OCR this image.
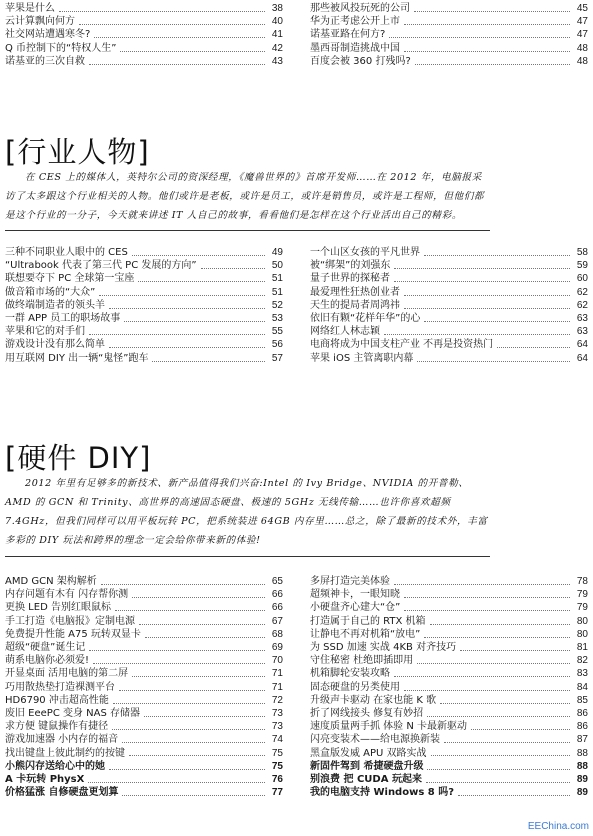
苹果是什么	38
云计算飘向何方	40
社交网站遭遇寒冬?	41
Q 币控制下的“特权人生”	42
诺基亚的三次自救	43
那些被风投玩死的公司	45
华为正考虑公开上市	47
诺基亚路在何方?	47
墨西哥制造挑战中国	48
百度会被 360 打残吗?	48
[行业人物]
在 CES 上的媒体人，英特尔公司的资深经理，《魔兽世界的》首席开发师……在 2012 年，电脑报采访了太多跟这个行业相关的人物。他们或许是老板，或许是员工，或许是销售员，或许是工程师，但他们都是这个行业的一分子，今天就来讲述 IT 人自己的故事，看看他们是怎样在这个行业活出自己的精彩。
三种不同职业人眼中的 CES	49
“Ultrabook 代表了第三代 PC 发展的方向”	50
联想要夺下 PC 全球第一宝座	51
做音箱市场的“大众”	51
做终端制造者的领头羊	52
一群 APP 员工的职场故事	53
苹果和它的对手们	55
游戏设计没有那么简单	56
用互联网 DIY 出一辆“鬼怪”跑车	57
一个山区女孩的平凡世界	58
被“绑架”的刘强东	59
量子世界的探秘者	60
最爱理性狂热创业者	62
天生的提局者周鸿祎	62
依旧有颗“花样年华”的心	63
网络红人林志颖	63
电商将成为中国支柱产业 不再是投资热门	64
苹果 iOS 主管离职内幕	64
[硬件 DIY]
2012 年里有足够多的新技术、新产品值得我们兴奋:Intel 的 Ivy Bridge、NVIDIA 的开普勒、AMD 的 GCN 和 Trinity、高世界的高速固态硬盘、极速的 5GHz 无线传输……也许你喜欢超频 7.4GHz，但我们同样可以用平板玩转 PC，把系统装进 64GB 内存里……总之，除了最新的技术外，丰富多彩的 DIY 玩法和跨界的理念一定会给你带来新的体验!
AMD GCN 架构解析	65
内存问题有木有 闪存帮你测	66
更换 LED 告别红眼鼠标	66
手工打造《电脑报》定制电源	67
免费提升性能 A75 玩转双显卡	68
超级“硬盘”诞生记	69
萌系电脑你必须爱!	70
开显桌面 活用电脑的第二屏	71
巧用散热垫打造裸测平台	71
HD6790 冲击超高性能	72
废旧 EeePC 变身 NAS 存储器	73
求方便 键鼠操作有捷径	73
游戏加速器 小内存的福音	74
找出键盘上彼此制约的按键	75
小熊闪存送给心中的她	75
A 卡玩转 PhysX	76
价格猛涨 自修硬盘更划算	77
多屏打造完美体验	78
超频神卡，一眼知晓	79
小硬盘齐心建大“仓”	79
打造属于自己的 RTX 机箱	80
让静电不再对机箱“放电”	80
为 SSD 加速 实战 4KB 对齐技巧	81
守住秘密 杜绝即插即用	82
机箱脚轮安装攻略	83
固态硬盘的另类使用	84
升级声卡驱动 在家也能 K 歌	85
折了网线接头 修复有妙招	86
速度质量两手抓 体验 N 卡最新驱动	86
闪亮变装术——给电源换新装	87
黑盒版发威 APU 双路实战	88
新固件驾到 希捷硬盘升级	88
别浪费 把 CUDA 玩起来	89
我的电脑支持 Windows 8 吗?	89
EEChina.com
